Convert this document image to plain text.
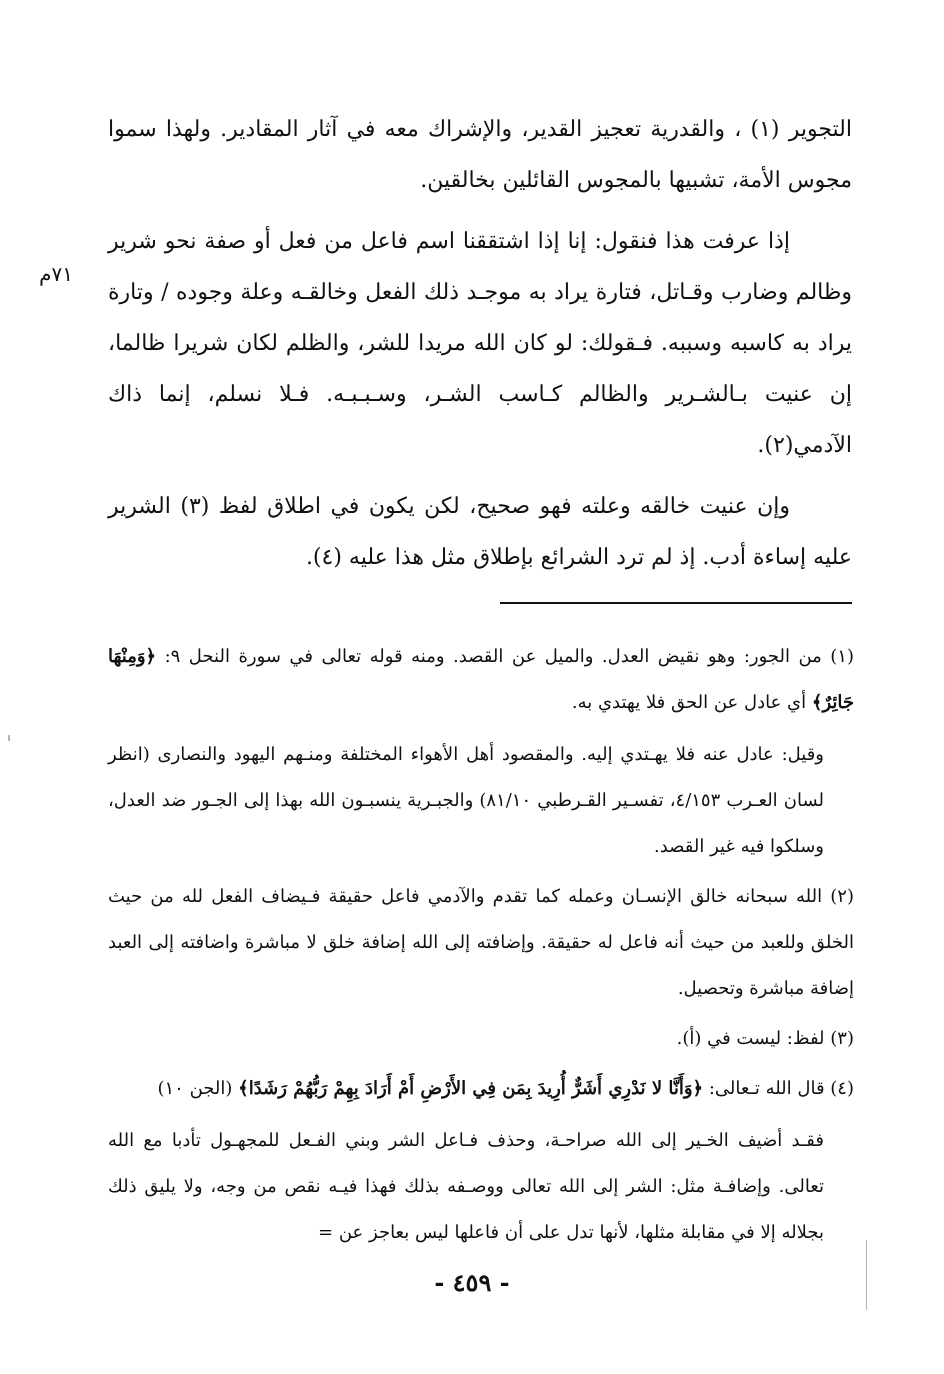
التجوير (١) ، والقدرية تعجيز القدير، والإشراك معه في آثار المقادير. ولهذا سموا مجوس الأمة، تشبيها بالمجوس القائلين بخالقين.

إذا عرفت هذا فنقول: إنا إذا اشتققنا اسم فاعل من فعل أو صفة نحو شرير وظالم وضارب وقـاتل، فتارة يراد به موجـد ذلك الفعل وخالقـه وعلة وجوده / وتارة يراد به كاسبه وسببه. فـقولك: لو كان الله مريدا للشر، والظلم لكان شريرا ظالما، إن عنيت بـالشـرير والظالم كـاسب الشـر، وسـبـبـه. فـلا نسلم، إنما ذاك الآدمي(٢).

وإن عنيت خالقه وعلته فهو صحيح، لكن يكون في اطلاق لفظ (٣) الشرير عليه إساءة أدب. إذ لم ترد الشرائع بإطلاق مثل هذا عليه (٤).

٧١م

(١) من الجور: وهو نقيض العدل. والميل عن القصد. ومنه قوله تعالى في سورة النحل ٩: ﴿وَمِنْهَا جَائِرٌ﴾ أي عادل عن الحق فلا يهتدي به.

وقيل: عادل عنه فلا يهـتدي إليه. والمقصود أهل الأهواء المختلفة ومنـهم اليهود والنصارى (انظر لسان العـرب ٤/١٥٣، تفسـير القـرطبي ٨١/١٠) والجبـرية ينسبـون الله بهذا إلى الجـور ضد العدل، وسلكوا فيه غير القصد.

(٢) الله سبحانه خالق الإنسـان وعمله كما تقدم والآدمي فاعل حقيقة فـيضاف الفعل لله من حيث الخلق وللعبد من حيث أنه فاعل له حقيقة. وإضافته إلى الله إضافة خلق لا مباشرة واضافته إلى العبد إضافة مباشرة وتحصيل.

(٣) لفظ: ليست في (أ).

(٤) قال الله تـعالى: ﴿وَأَنَّا لا نَدْرِي أَشَرٌّ أُرِيدَ بِمَن فِي الأَرْضِ أَمْ أَرَادَ بِهِمْ رَبُّهُمْ رَشَدًا﴾ (الجن ١٠)

فقـد أضيف الخـير إلى الله صراحـة، وحذف فـاعل الشر وبني الفـعل للمجهـول تأدبا مع الله تعالى. وإضافـة مثل: الشر إلى الله تعالى ووصـفه بذلك فهذا فيـه نقص من وجه، ولا يليق ذلك بجلاله إلا في مقابلة مثلها، لأنها تدل على أن فاعلها ليس بعاجز عن =

- ٤٥٩ -
